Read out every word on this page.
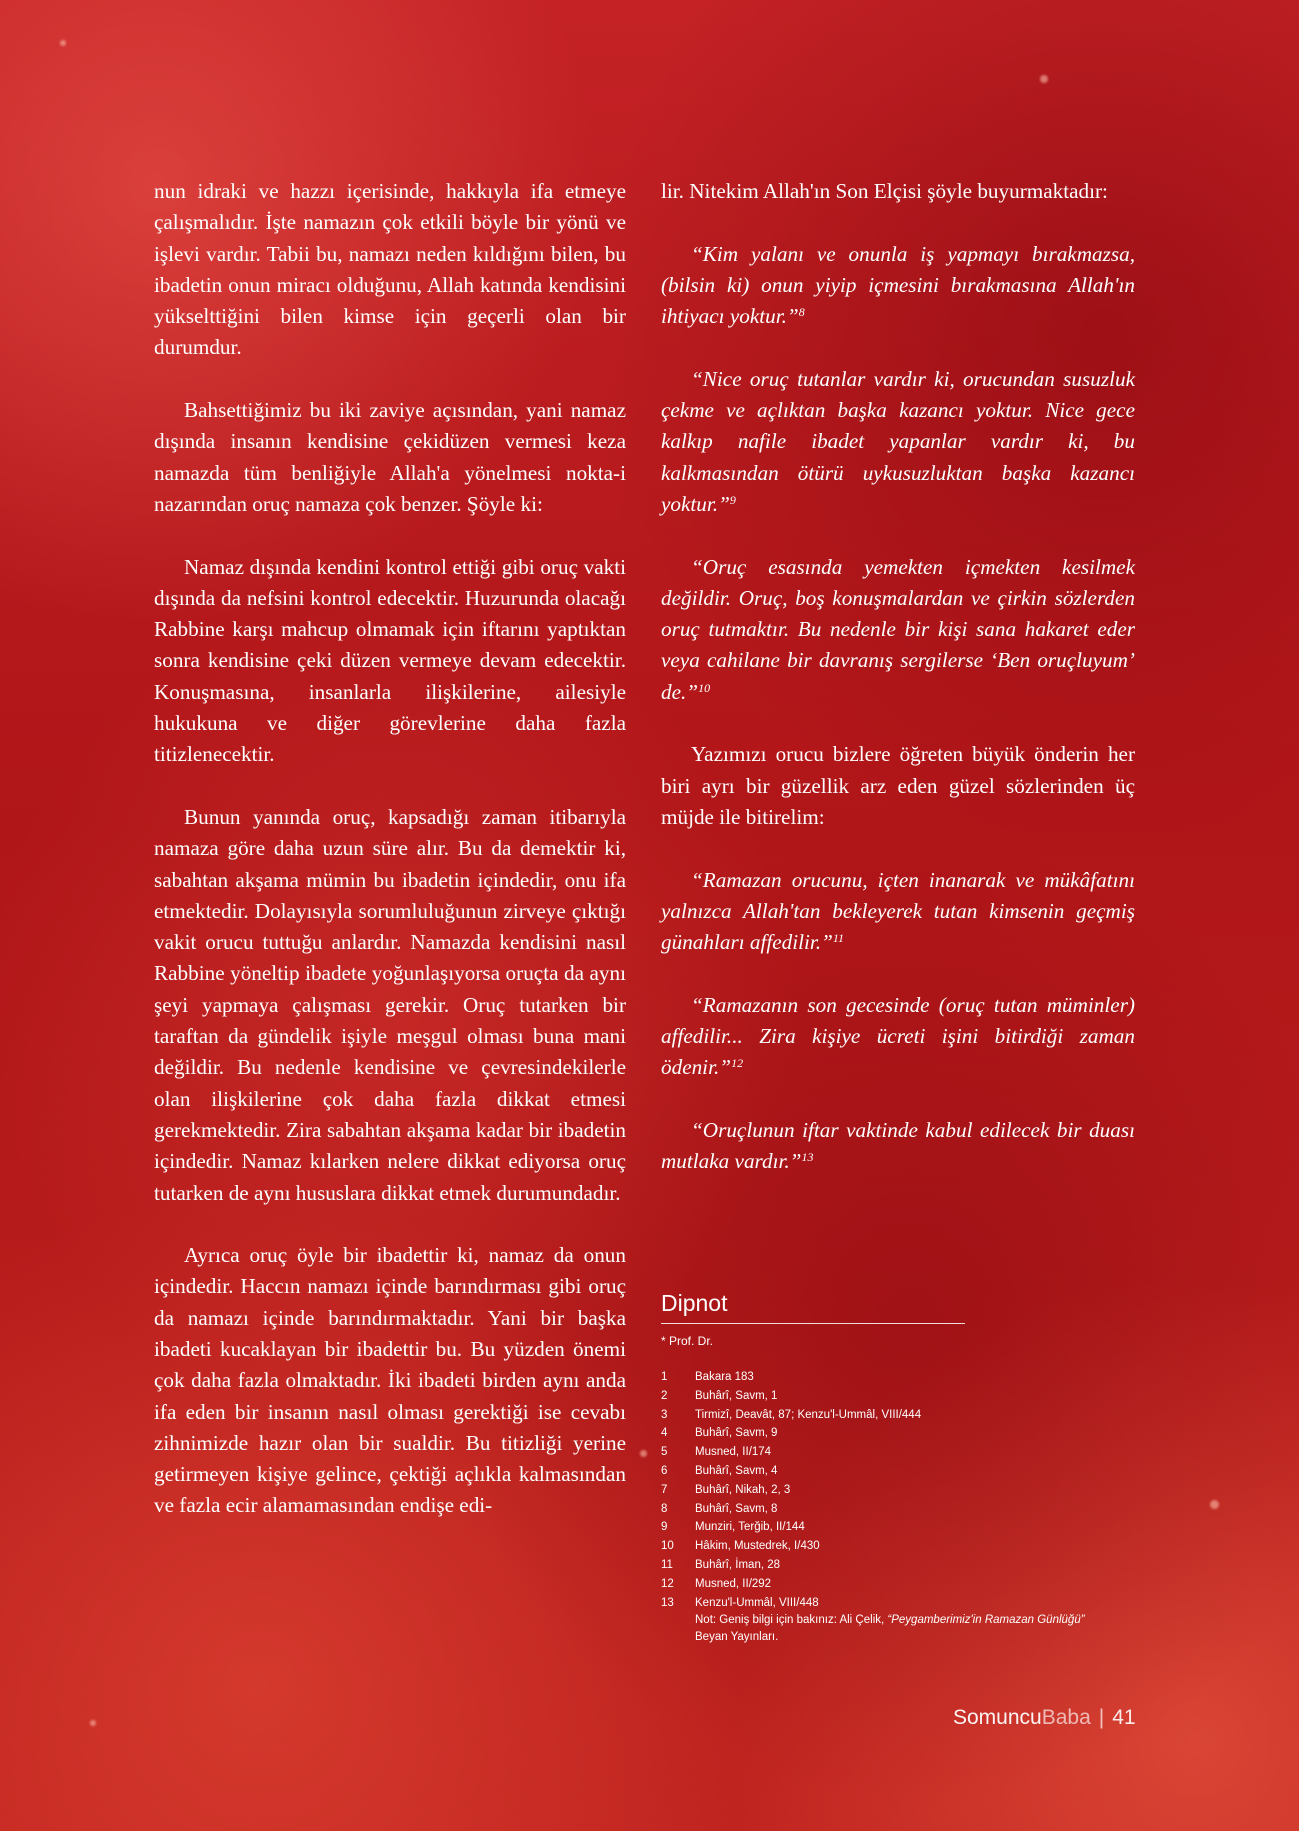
nun idraki ve hazzı içerisinde, hakkıyla ifa etmeye çalışmalıdır. İşte namazın çok etkili böyle bir yönü ve işlevi vardır. Tabii bu, namazı neden kıldığını bilen, bu ibadetin onun miracı olduğunu, Allah katında kendisini yükselttiğini bilen kimse için geçerli olan bir durumdur.

Bahsettiğimiz bu iki zaviye açısından, yani namaz dışında insanın kendisine çekidüzen vermesi keza namazda tüm benliğiyle Allah'a yönelmesi nokta-i nazarından oruç namaza çok benzer. Şöyle ki:

Namaz dışında kendini kontrol ettiği gibi oruç vakti dışında da nefsini kontrol edecektir. Huzurunda olacağı Rabbine karşı mahcup olmamak için iftarını yaptıktan sonra kendisine çeki düzen vermeye devam edecektir. Konuşmasına, insanlarla ilişkilerine, ailesiyle hukukuna ve diğer görevlerine daha fazla titizlenecektir.

Bunun yanında oruç, kapsadığı zaman itibarıyla namaza göre daha uzun süre alır. Bu da demektir ki, sabahtan akşama mümin bu ibadetin içindedir, onu ifa etmektedir. Dolayısıyla sorumluluğunun zirveye çıktığı vakit orucu tuttuğu anlardır. Namazda kendisini nasıl Rabbine yöneltip ibadete yoğunlaşıyorsa oruçta da aynı şeyi yapmaya çalışması gerekir. Oruç tutarken bir taraftan da gündelik işiyle meşgul olması buna mani değildir. Bu nedenle kendisine ve çevresindekilerle olan ilişkilerine çok daha fazla dikkat etmesi gerekmektedir. Zira sabahtan akşama kadar bir ibadetin içindedir. Namaz kılarken nelere dikkat ediyorsa oruç tutarken de aynı hususlara dikkat etmek durumundadır.

Ayrıca oruç öyle bir ibadettir ki, namaz da onun içindedir. Haccın namazı içinde barındırması gibi oruç da namazı içinde barındırmaktadır. Yani bir başka ibadeti kucaklayan bir ibadettir bu. Bu yüzden önemi çok daha fazla olmaktadır. İki ibadeti birden aynı anda ifa eden bir insanın nasıl olması gerektiği ise cevabı zihnimizde hazır olan bir sualdir. Bu titizliği yerine getirmeyen kişiye gelince, çektiği açlıkla kalmasından ve fazla ecir alamamasından endişe edi-

lir. Nitekim Allah'ın Son Elçisi şöyle buyurmaktadır:

“Kim yalanı ve onunla iş yapmayı bırakmazsa, (bilsin ki) onun yiyip içmesini bırakmasına Allah'ın ihtiyacı yoktur.”$^8$

“Nice oruç tutanlar vardır ki, orucundan susuzluk çekme ve açlıktan başka kazancı yoktur. Nice gece kalkıp nafile ibadet yapanlar vardır ki, bu kalkmasından ötürü uykusuzluktan başka kazancı yoktur.”$^9$

“Oruç esasında yemekten içmekten kesilmek değildir. Oruç, boş konuşmalardan ve çirkin sözlerden oruç tutmaktır. Bu nedenle bir kişi sana hakaret eder veya cahilane bir davranış sergilerse ‘Ben oruçluyum’ de.”$^{10}$

Yazımızı orucu bizlere öğreten büyük önderin her biri ayrı bir güzellik arz eden güzel sözlerinden üç müjde ile bitirelim:

“Ramazan orucunu, içten inanarak ve mükâfatını yalnızca Allah'tan bekleyerek tutan kimsenin geçmiş günahları affedilir.”$^{11}$

“Ramazanın son gecesinde (oruç tutan müminler) affedilir... Zira kişiye ücreti işini bitirdiği zaman ödenir.”$^{12}$

“Oruçlunun iftar vaktinde kabul edilecek bir duası mutlaka vardır.”$^{13}$

Dipnot
* Prof. Dr.
1	Bakara 183
2	Buhârî, Savm, 1
3	Tirmizî, Deavât, 87; Kenzu'l-Ummâl, VIII/444
4	Buhârî, Savm, 9
5	Musned, II/174
6	Buhârî, Savm, 4
7	Buhârî, Nikah, 2, 3
8	Buhârî, Savm, 8
9	Munziri, Terğib, II/144
10	Hâkim, Mustedrek, I/430
11	Buhârî, İman, 28
12	Musned, II/292
13	Kenzu'l-Ummâl, VIII/448
Not: Geniş bilgi için bakınız: Ali Çelik, “Peygamberimiz'in Ramazan Günlüğü”
Beyan Yayınları.
SomuncuBaba | 41
